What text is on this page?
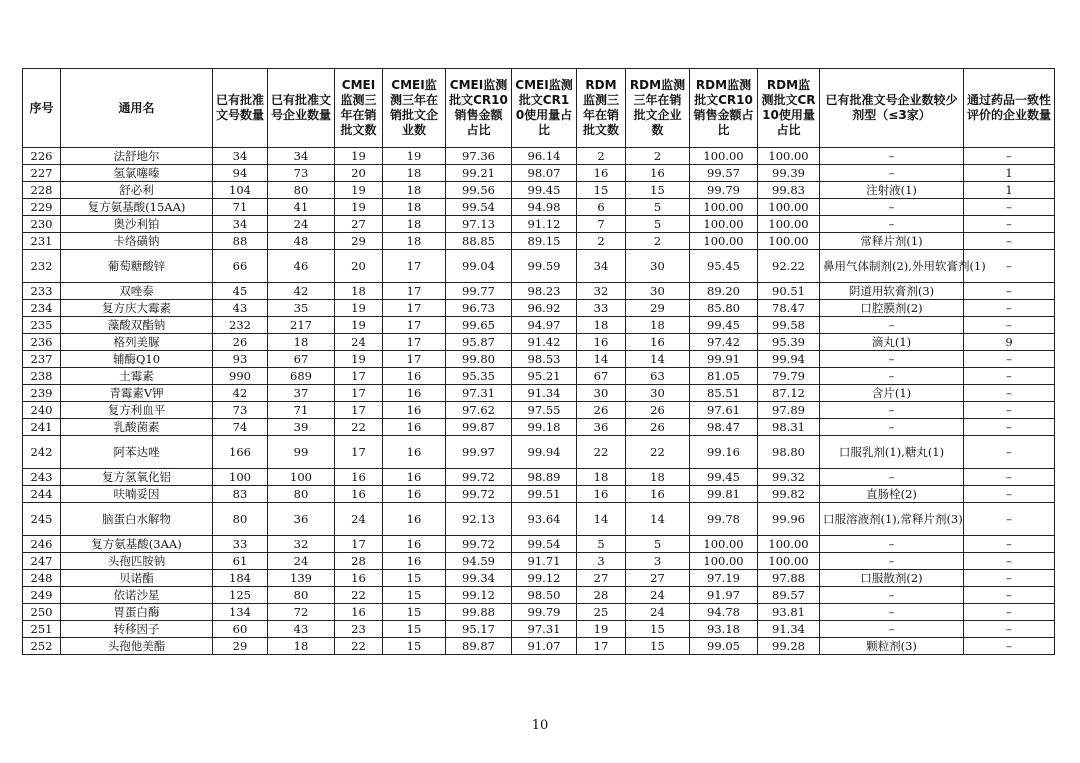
序号	通用名	已有批准文号数量	已有批准文号企业数量	CMEI监测三年在销批文数	CMEI监测三年在销批文企业数	CMEI监测批文CR10销售金额占比	CMEI监测批文CR10使用量占比	RDM监测三年在销批文数	RDM监测三年在销批文企业数	RDM监测批文CR10销售金额占比	RDM监测批文CR10使用量占比	已有批准文号企业数较少剂型（≤3家）	通过药品一致性评价的企业数量
226	法舒地尔	34	34	19	19	97.36	96.14	2	2	100.00	100.00	–	–
227	氢氯噻嗪	94	73	20	18	99.21	98.07	16	16	99.57	99.39	–	1
228	舒必利	104	80	19	18	99.56	99.45	15	15	99.79	99.83	注射液(1)	1
229	复方氨基酸(15AA)	71	41	19	18	99.54	94.98	6	5	100.00	100.00	–	–
230	奥沙利铂	34	24	27	18	97.13	91.12	7	5	100.00	100.00	–	–
231	卡络磺钠	88	48	29	18	88.85	89.15	2	2	100.00	100.00	常释片剂(1)	–
232	葡萄糖酸锌	66	46	20	17	99.04	99.59	34	30	95.45	92.22	鼻用气体制剂(2),外用软膏剂(1)	–
233	双唑泰	45	42	18	17	99.77	98.23	32	30	89.20	90.51	阴道用软膏剂(3)	–
234	复方庆大霉素	43	35	19	17	96.73	96.92	33	29	85.80	78.47	口腔膜剂(2)	–
235	藻酸双酯钠	232	217	19	17	99.65	94.97	18	18	99.45	99.58	–	–
236	格列美脲	26	18	24	17	95.87	91.42	16	16	97.42	95.39	滴丸(1)	9
237	辅酶Q10	93	67	19	17	99.80	98.53	14	14	99.91	99.94	–	–
238	土霉素	990	689	17	16	95.35	95.21	67	63	81.05	79.79	–	–
239	青霉素V钾	42	37	17	16	97.31	91.34	30	30	85.51	87.12	含片(1)	–
240	复方利血平	73	71	17	16	97.62	97.55	26	26	97.61	97.89	–	–
241	乳酸菌素	74	39	22	16	99.87	99.18	36	26	98.47	98.31	–	–
242	阿苯达唑	166	99	17	16	99.97	99.94	22	22	99.16	98.80	口服乳剂(1),糖丸(1)	–
243	复方氢氧化铝	100	100	16	16	99.72	98.89	18	18	99.45	99.32	–	–
244	呋喃妥因	83	80	16	16	99.72	99.51	16	16	99.81	99.82	直肠栓(2)	–
245	脑蛋白水解物	80	36	24	16	92.13	93.64	14	14	99.78	99.96	口服溶液剂(1),常释片剂(3)	–
246	复方氨基酸(3AA)	33	32	17	16	99.72	99.54	5	5	100.00	100.00	–	–
247	头孢匹胺钠	61	24	28	16	94.59	91.71	3	3	100.00	100.00	–	–
248	贝诺酯	184	139	16	15	99.34	99.12	27	27	97.19	97.88	口服散剂(2)	–
249	依诺沙星	125	80	22	15	99.12	98.50	28	24	91.97	89.57	–	–
250	胃蛋白酶	134	72	16	15	99.88	99.79	25	24	94.78	93.81	–	–
251	转移因子	60	43	23	15	95.17	97.31	19	15	93.18	91.34	–	–
252	头孢他美酯	29	18	22	15	89.87	91.07	17	15	99.05	99.28	颗粒剂(3)	–
10
